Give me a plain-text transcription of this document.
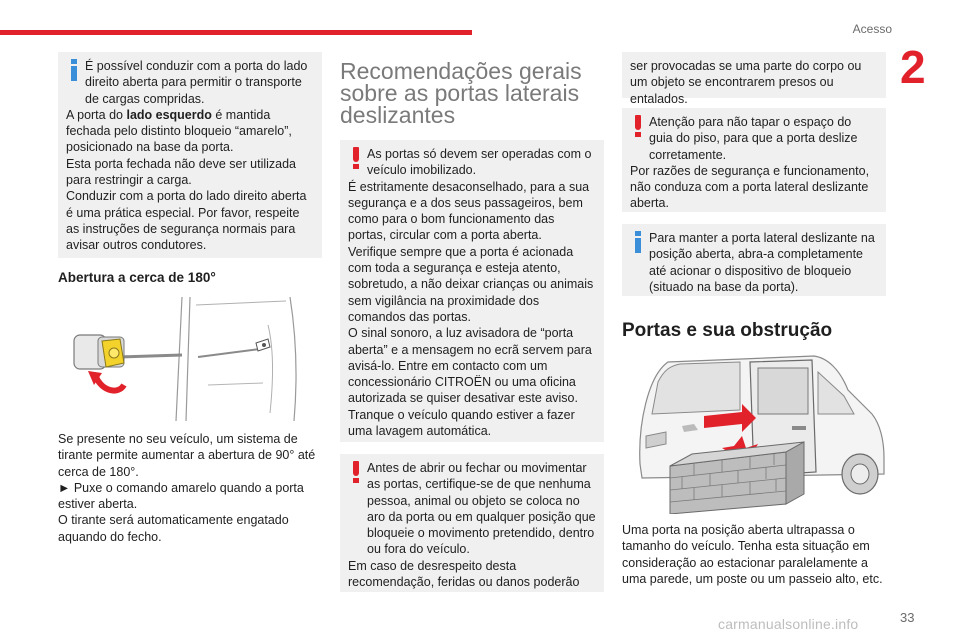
Acesso
2
33
carmanualsonline.info

É possível conduzir com a porta do lado direito aberta para permitir o transporte de cargas compridas.

A porta do lado esquerdo é mantida fechada pelo distinto bloqueio “amarelo”, posicionado na base da porta.

Esta porta fechada não deve ser utilizada para restringir a carga.

Conduzir com a porta do lado direito aberta é uma prática especial. Por favor, respeite as instruções de segurança normais para avisar outros condutores.

Abertura a cerca de 180°

Se presente no seu veículo, um sistema de tirante permite aumentar a abertura de 90° até cerca de 180°.

► Puxe o comando amarelo quando a porta estiver aberta.

O tirante será automaticamente engatado aquando do fecho.

Recomendações gerais sobre as portas laterais deslizantes

As portas só devem ser operadas com o veículo imobilizado.

É estritamente desaconselhado, para a sua segurança e a dos seus passageiros, bem como para o bom funcionamento das portas, circular com a porta aberta.

Verifique sempre que a porta é acionada com toda a segurança e esteja atento, sobretudo, a não deixar crianças ou animais sem vigilância na proximidade dos comandos das portas.

O sinal sonoro, a luz avisadora de “porta aberta” e a mensagem no ecrã servem para avisá-lo. Entre em contacto com um concessionário CITROËN ou uma oficina autorizada se quiser desativar este aviso.

Tranque o veículo quando estiver a fazer uma lavagem automática.

Antes de abrir ou fechar ou movimentar as portas, certifique-se de que nenhuma pessoa, animal ou objeto se coloca no aro da porta ou em qualquer posição que bloqueie o movimento pretendido, dentro ou fora do veículo.

Em caso de desrespeito desta recomendação, feridas ou danos poderão

ser provocadas se uma parte do corpo ou um objeto se encontrarem presos ou entalados.

Atenção para não tapar o espaço do guia do piso, para que a porta deslize corretamente.

Por razões de segurança e funcionamento, não conduza com a porta lateral deslizante aberta.

Para manter a porta lateral deslizante na posição aberta, abra-a completamente até acionar o dispositivo de bloqueio (situado na base da porta).

Portas e sua obstrução

Uma porta na posição aberta ultrapassa o tamanho do veículo. Tenha esta situação em consideração ao estacionar paralelamente a uma parede, um poste ou um passeio alto, etc.
